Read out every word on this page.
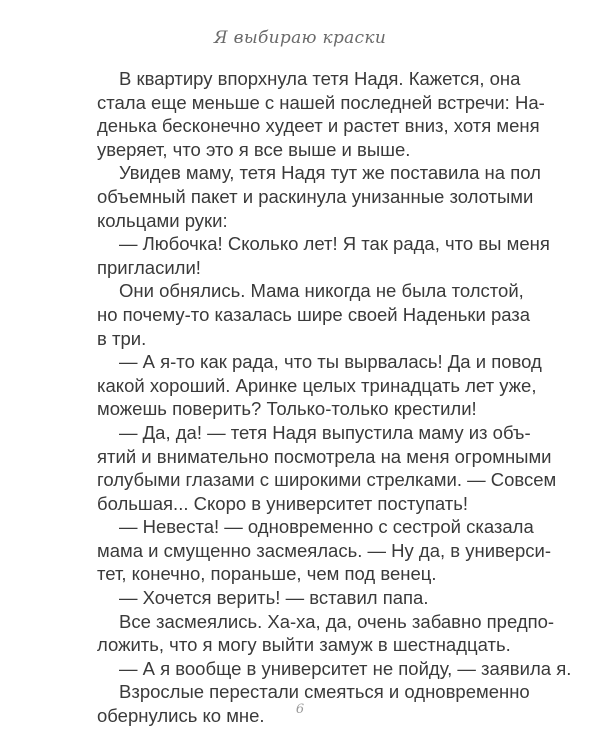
Я выбираю краски
В квартиру впорхнула тетя Надя. Кажется, она
стала еще меньше с нашей последней встречи: На-
денька бесконечно худеет и растет вниз, хотя меня
уверяет, что это я все выше и выше.
Увидев маму, тетя Надя тут же поставила на пол
объемный пакет и раскинула унизанные золотыми
кольцами руки:
— Любочка! Сколько лет! Я так рада, что вы меня
пригласили!
Они обнялись. Мама никогда не была толстой,
но почему-то казалась шире своей Наденьки раза
в три.
— А я-то как рада, что ты вырвалась! Да и повод
какой хороший. Аринке целых тринадцать лет уже,
можешь поверить? Только-только крестили!
— Да, да! — тетя Надя выпустила маму из объ-
ятий и внимательно посмотрела на меня огромными
голубыми глазами с широкими стрелками. — Совсем
большая... Скоро в университет поступать!
— Невеста! — одновременно с сестрой сказала
мама и смущенно засмеялась. — Ну да, в универси-
тет, конечно, пораньше, чем под венец.
— Хочется верить! — вставил папа.
Все засмеялись. Ха-ха, да, очень забавно предпо-
ложить, что я могу выйти замуж в шестнадцать.
— А я вообще в университет не пойду, — заявила я.
Взрослые перестали смеяться и одновременно
обернулись ко мне.	6
